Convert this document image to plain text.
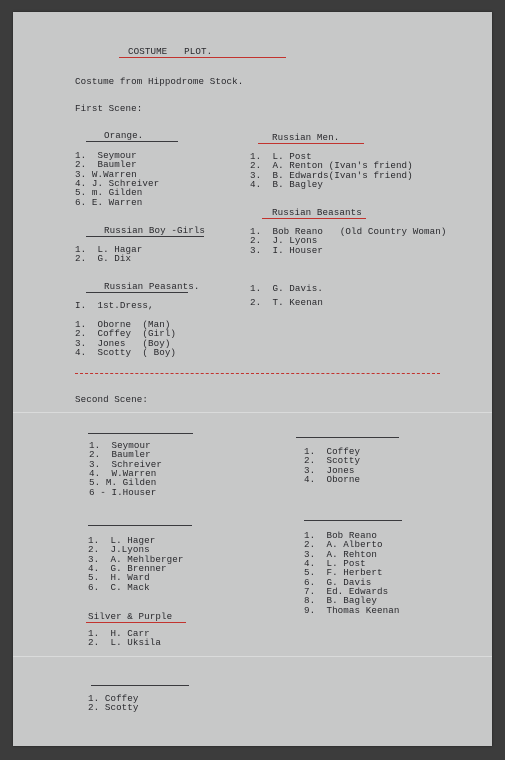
COSTUME   PLOT.
Costume from Hippodrome Stock.
First Scene:
Orange.
1.  Seymour
2.  Baumler
3. W.Warren
4. J. Schreiver
5. m. Gilden
6. E. Warren
Russian Boy -Girls
1.  L. Hagar
2.  G. Dix
Russian Peasants.
I.  1st.Dress,
1.  Oborne  (Man)
2.  Coffey  (Girl)
3.  Jones   (Boy)
4.  Scotty  ( Boy)
Russian Men.
1.  L. Post
2.  A. Renton (Ivan's friend)
3.  B. Edwards(Ivan's friend)
4.  B. Bagley
Russian Beasants
1.  Bob Reano   (Old Country Woman)
2.  J. Lyons
3.  I. Houser
1.  G. Davis.
2.  T. Keenan
Second Scene:
1.  Seymour
2.  Baumler
3.  Schreiver
4.  W.Warren
5. M. Gilden
6 - I.Houser
1.  Coffey
2.  Scotty
3.  Jones
4.  Oborne
1.  L. Hager
2.  J.Lyons
3.  A. Mehlberger
4.  G. Brenner
5.  H. Ward
6.  C. Mack
1.  Bob Reano
2.  A. Alberto
3.  A. Rehton
4.  L. Post
5.  F. Herbert
6.  G. Davis
7.  Ed. Edwards
8.  B. Bagley
9.  Thomas Keenan
Silver & Purple
1.  H. Carr
2.  L. Uksila
1. Coffey
2. Scotty
